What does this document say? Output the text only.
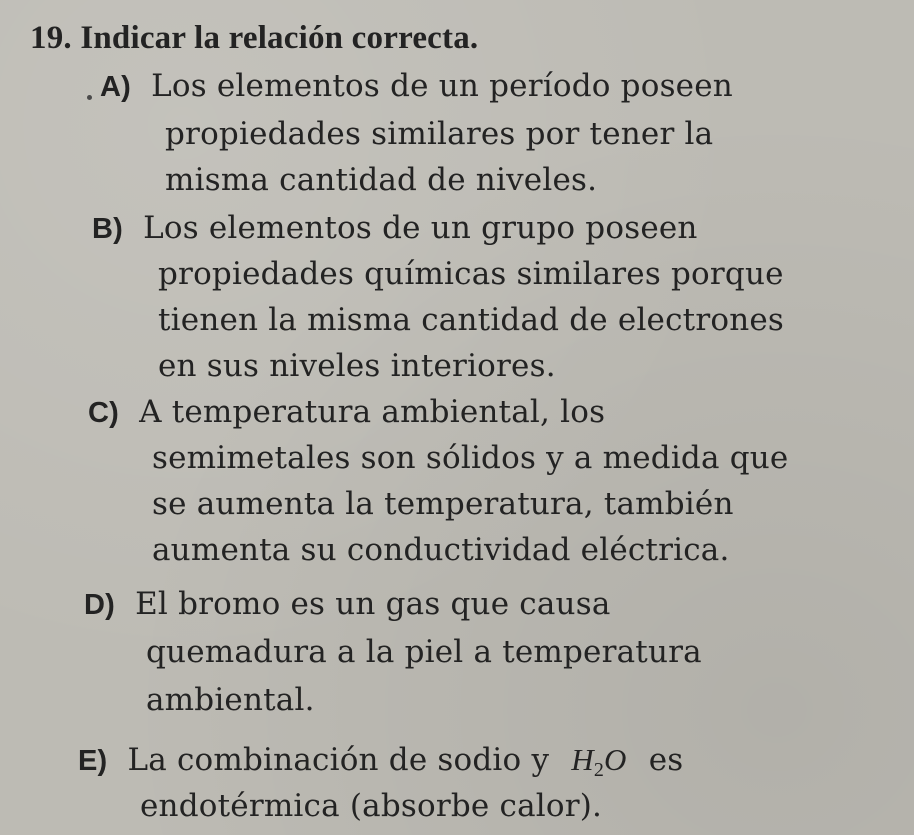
19. Indicar la relación correcta.
A) Los elementos de un período poseen
propiedades similares por tener la
misma cantidad de niveles.
B) Los elementos de un grupo poseen
propiedades químicas similares porque
tienen la misma cantidad de electrones
en sus niveles interiores.
C) A temperatura ambiental, los
semimetales son sólidos y a medida que
se aumenta la temperatura, también
aumenta su conductividad eléctrica.
D) El bromo es un gas que causa
quemadura a la piel a temperatura
ambiental.
E) La combinación de sodio y $H_2O$ es
endotérmica (absorbe calor).
